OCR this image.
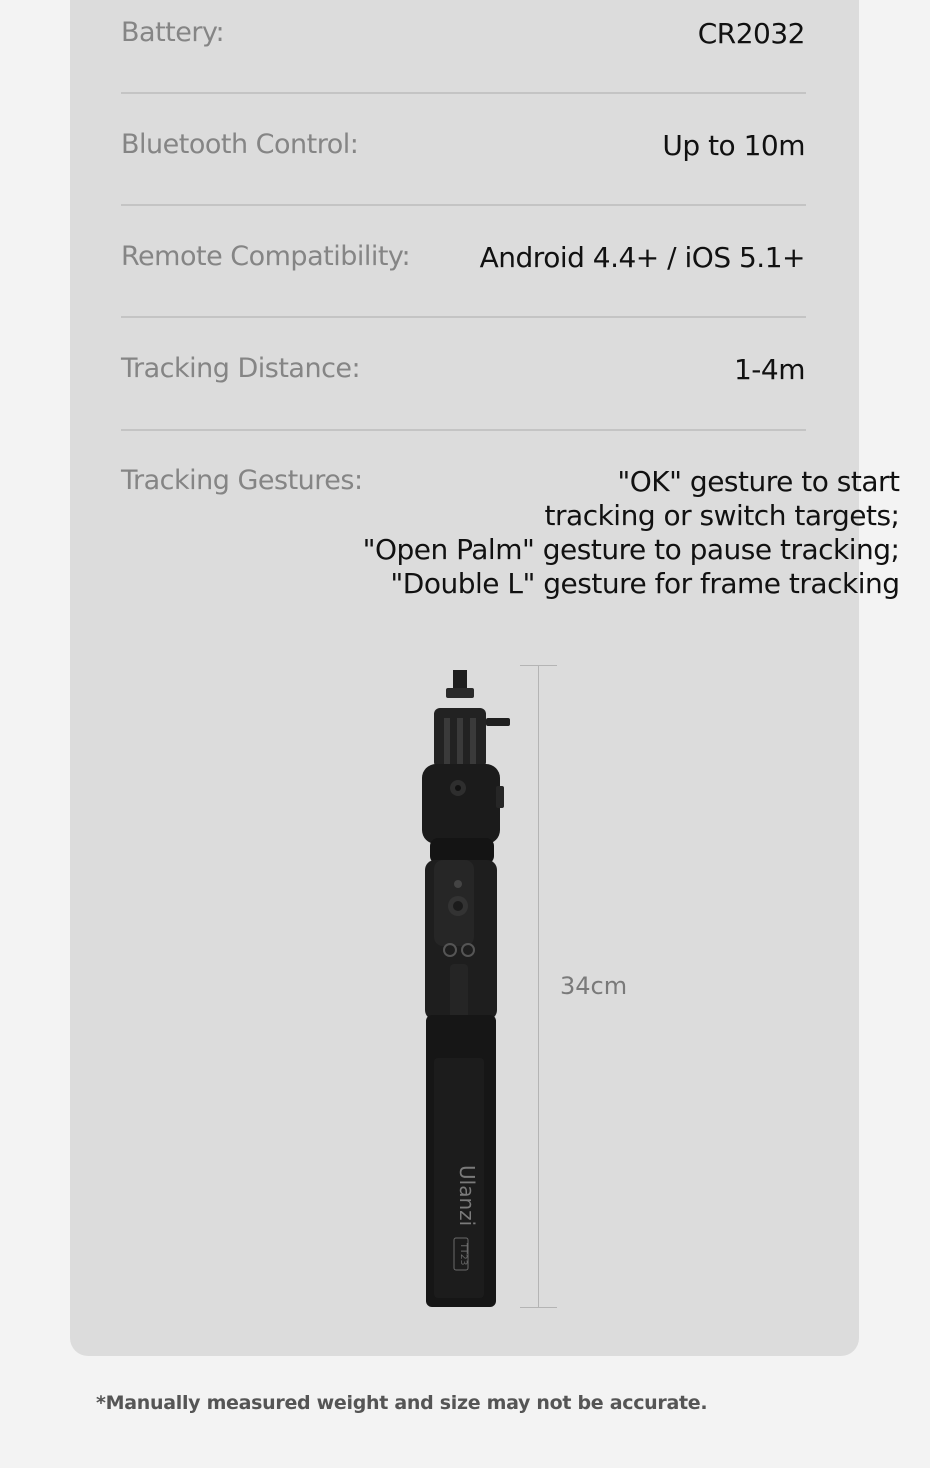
Battery:	CR2032
Bluetooth Control:	Up to 10m
Remote Compatibility: Android 4.4+ / iOS 5.1+
Tracking Distance:	1-4m
Tracking Gestures:	"OK" gesture to start
tracking or switch targets;
"Open Palm" gesture to pause tracking;
"Double L" gesture for frame tracking
Ulanzi
TT23
34cm
*Manually measured weight and size may not be accurate.
